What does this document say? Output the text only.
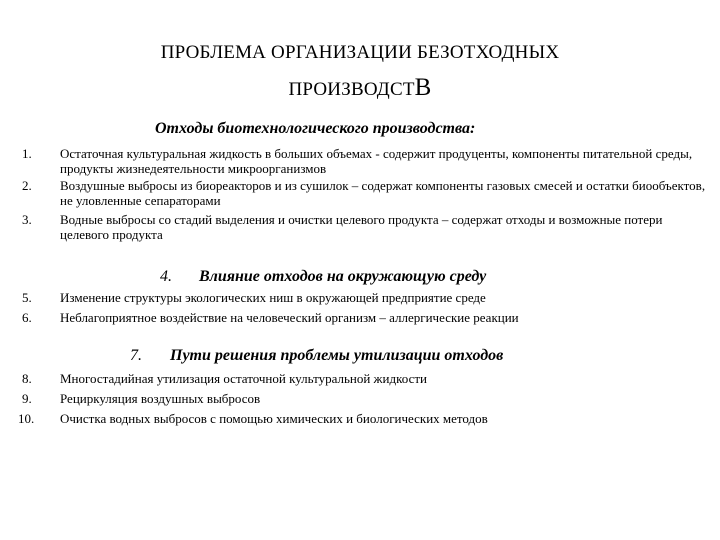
ПРОБЛЕМА ОРГАНИЗАЦИИ БЕЗОТХОДНЫХ
ПРОИЗВОДСТВ
Отходы биотехнологического производства:
1. Остаточная культуральная жидкость в больших объемах - содержит продуценты, компоненты питательной среды, продукты жизнедеятельности микроорганизмов
2. Воздушные выбросы из биореакторов и из сушилок – содержат компоненты газовых смесей и остатки биообъектов, не уловленные сепараторами
3. Водные выбросы со стадий выделения и очистки целевого продукта – содержат отходы и возможные потери целевого продукта
4. Влияние отходов на окружающую среду
5. Изменение структуры экологических ниш в окружающей предприятие среде
6. Неблагоприятное воздействие на человеческий организм – аллергические реакции
7. Пути решения проблемы утилизации отходов
8. Многостадийная утилизация остаточной культуральной жидкости
9. Рециркуляция воздушных выбросов
10. Очистка водных выбросов с помощью химических и биологических методов
